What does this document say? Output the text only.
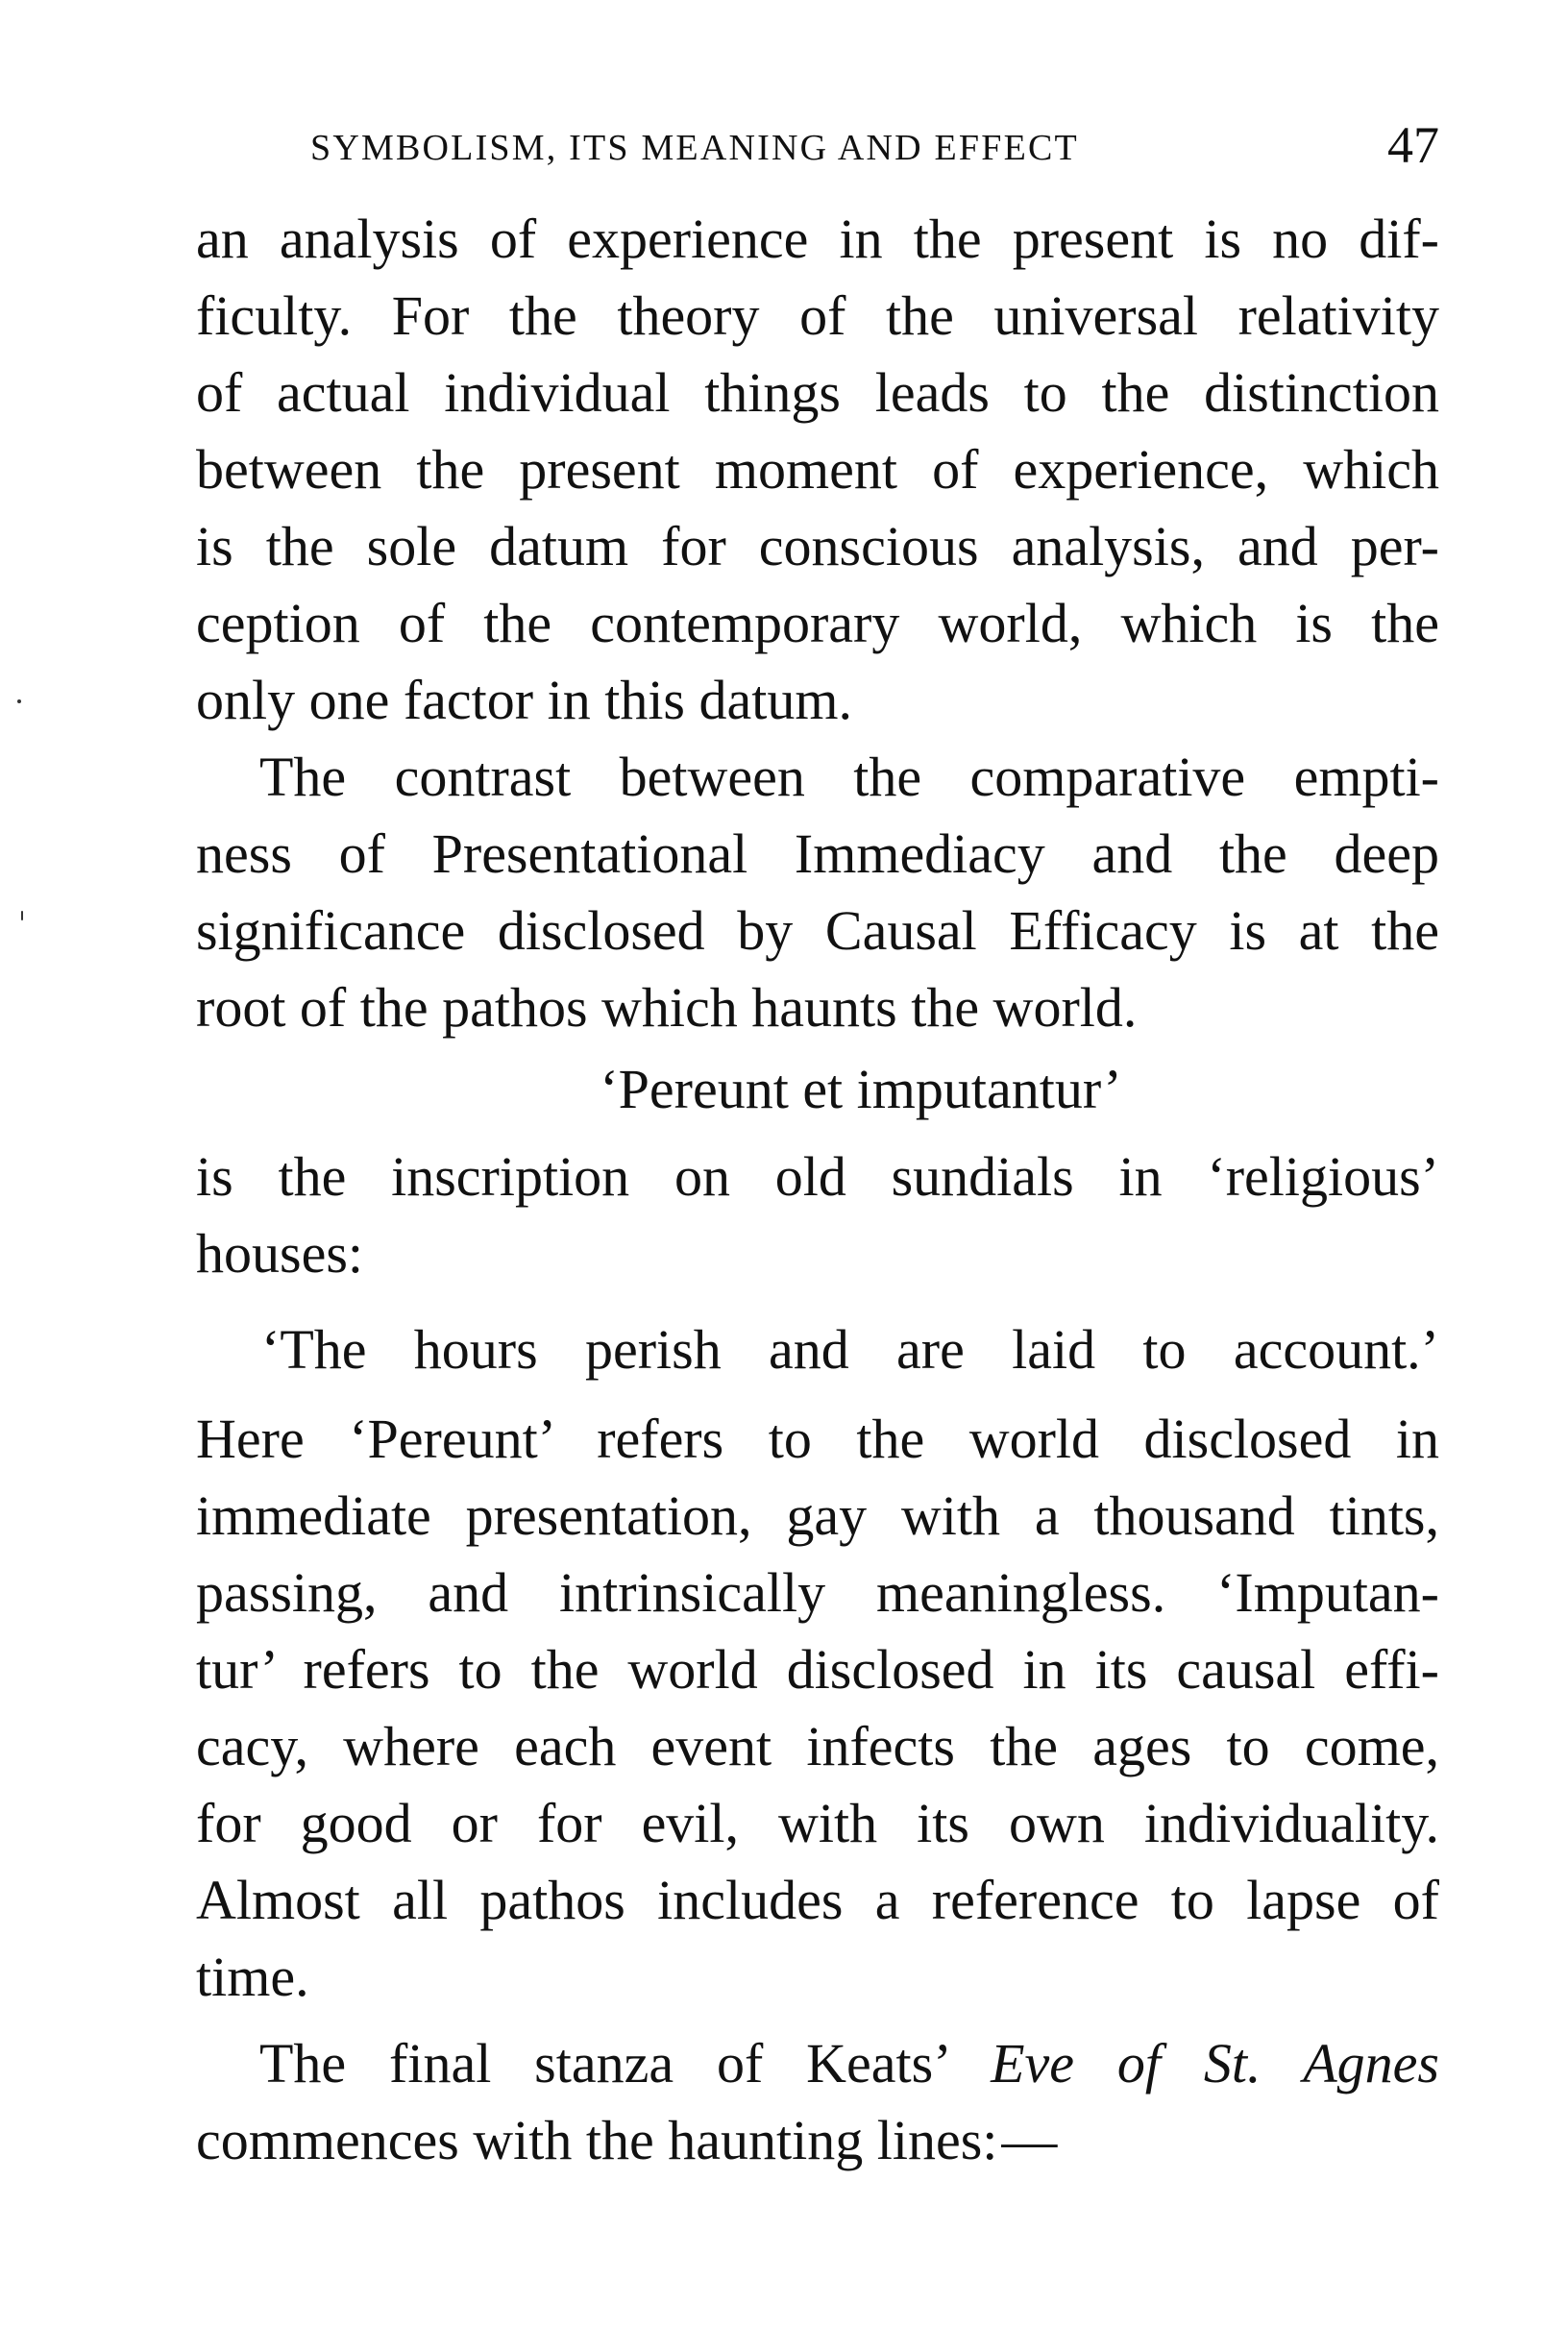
SYMBOLISM, ITS MEANING AND EFFECT	47
an analysis of experience in the present is no dif-
ficulty. For the theory of the universal relativity
of actual individual things leads to the distinction
between the present moment of experience, which
is the sole datum for conscious analysis, and per-
ception of the contemporary world, which is the
only one factor in this datum.
The contrast between the comparative empti-
ness of Presentational Immediacy and the deep
significance disclosed by Causal Efficacy is at the
root of the pathos which haunts the world.
‘Pereunt et imputantur’
is the inscription on old sundials in ‘religious’
houses:
‘The hours perish and are laid to account.’
Here ‘Pereunt’ refers to the world disclosed in
immediate presentation, gay with a thousand tints,
passing, and intrinsically meaningless. ‘Imputan-
tur’ refers to the world disclosed in its causal effi-
cacy, where each event infects the ages to come,
for good or for evil, with its own individuality.
Almost all pathos includes a reference to lapse of
time.
The final stanza of Keats’ Eve of St. Agnes
commences with the haunting lines:—
